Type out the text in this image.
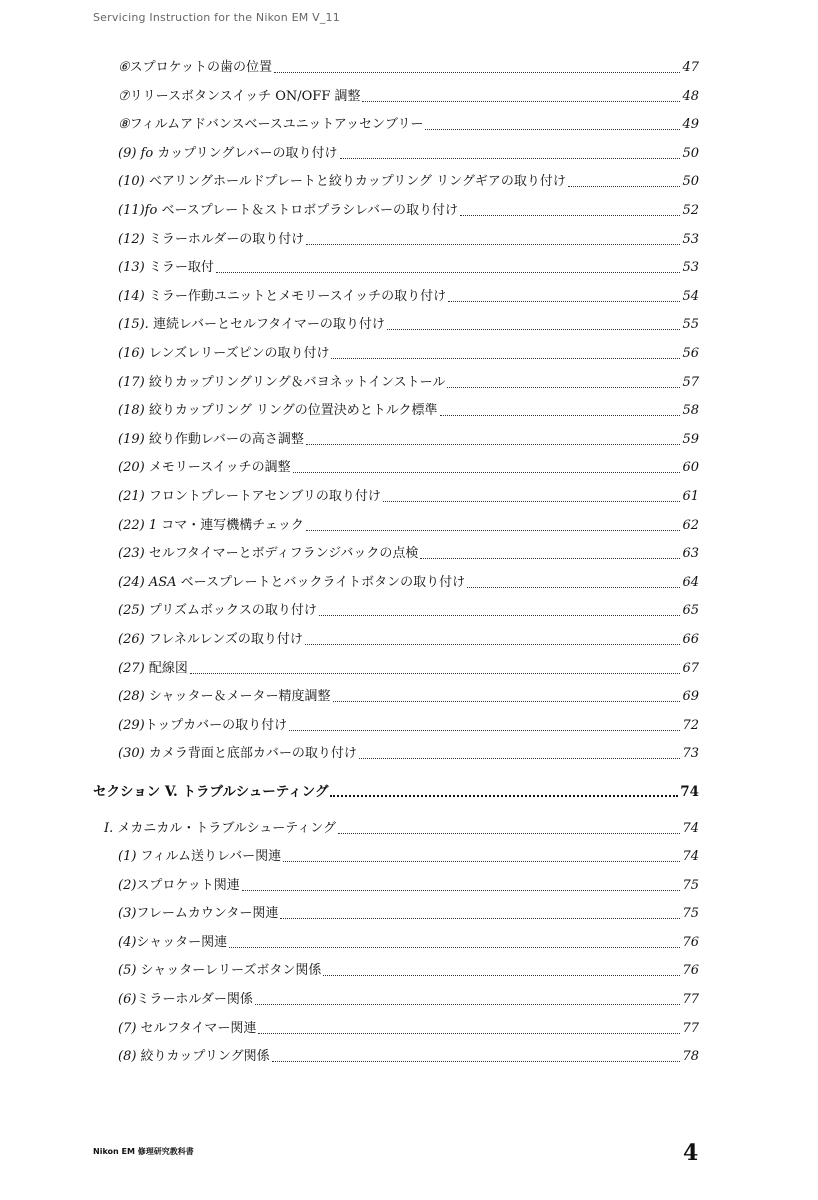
Servicing Instruction for the Nikon EM V_11
⑥スプロケットの歯の位置	47
⑦リリースボタンスイッチ ON/OFF 調整	48
⑧フィルムアドバンスベースユニットアッセンブリー	49
(9) fo カップリングレバーの取り付け	50
(10) ベアリングホールドプレートと絞りカップリング リングギアの取り付け	50
(11)fo ベースプレート＆ストロボプラシレバーの取り付け	52
(12) ミラーホルダーの取り付け	53
(13) ミラー取付	53
(14) ミラー作動ユニットとメモリースイッチの取り付け	54
(15). 連続レバーとセルフタイマーの取り付け	55
(16) レンズレリーズピンの取り付け	56
(17) 絞りカップリングリング＆バヨネットインストール	57
(18) 絞りカップリング リングの位置決めとトルク標準	58
(19) 絞り作動レバーの高さ調整	59
(20) メモリースイッチの調整	60
(21) フロントプレートアセンブリの取り付け	61
(22) 1 コマ・連写機構チェック	62
(23) セルフタイマーとボディフランジバックの点検	63
(24) ASA ベースプレートとバックライトボタンの取り付け	64
(25) プリズムボックスの取り付け	65
(26) フレネルレンズの取り付け	66
(27) 配線図	67
(28) シャッター＆メーター精度調整	69
(29)トップカバーの取り付け	72
(30) カメラ背面と底部カバーの取り付け	73
セクション V. トラブルシューティング	74
I. メカニカル・トラブルシューティング	74
(1) フィルム送りレバー関連	74
(2)スプロケット関連	75
(3)フレームカウンター関連	75
(4)シャッター関連	76
(5) シャッターレリーズボタン関係	76
(6)ミラーホルダー関係	77
(7) セルフタイマー関連	77
(8) 絞りカップリング関係	78
Nikon EM 修理研究教科書	4
